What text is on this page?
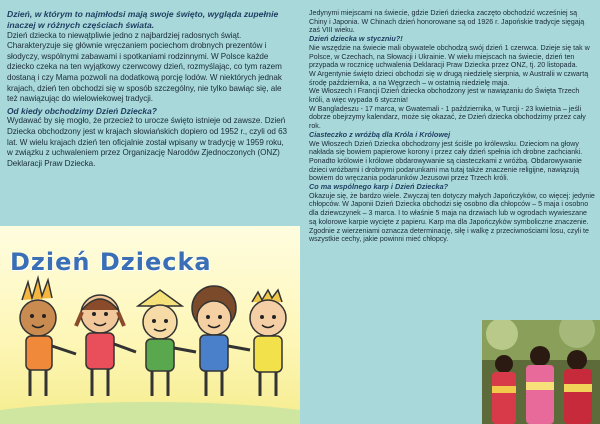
Dzień, w którym to najmłodsi mają swoje święto, wygląda zupełnie inaczej w różnych częściach świata.

Dzień dziecka to niewątpliwie jedno z najbardziej radosnych świąt. Charakteryzuje się głównie wręczaniem pociechom drobnych prezentów i słodyczy, wspólnymi zabawami i spotkaniami rodzinnymi. W Polsce każde dziecko czeka na ten wyjątkowy czerwcowy dzień, rozmyślając, co tym razem dostaną i czy Mama pozwoli na dodatkową porcję lodów. W niektórych jednak krajach, dzień ten obchodzi się w sposób szczególny, nie tylko bawiąc się, ale też nawiązując do wielowiekowej tradycji.

Od kiedy obchodzimy Dzień Dziecka?

Wydawać by się mogło, że przecież to urocze święto istnieje od zawsze. Dzień Dziecka obchodzony jest w krajach słowiańskich dopiero od 1952 r., czyli od 63 lat. W wielu krajach dzień ten oficjalnie został wpisany w tradycję w 1959 roku, w związku z uchwaleniem przez Organizację Narodów Zjednoczonych (ONZ) Deklaracji Praw Dziecka.

Dzień Dziecka

Jedynymi miejscami na świecie, gdzie Dzień dziecka zaczęto obchodzić wcześniej są Chiny i Japonia. W Chinach dzień honorowane są od 1926 r. Japońskie tradycje sięgają zaś VIII wieku.

Dzień dziecka w styczniu?!

Nie wszędzie na świecie mali obywatele obchodzą swój dzień 1 czerwca. Dzieje się tak w Polsce, w Czechach, na Słowacji i Ukrainie. W wielu miejscach na świecie, dzień ten przypada w rocznicę uchwalenia Deklaracji Praw Dziecka przez ONZ, tj. 20 listopada.

W Argentynie święto dzieci obchodzi się w drugą niedzielę sierpnia, w Australii w czwartą środę października, a na Węgrzech – w ostatnią niedzielę maja.

We Włoszech i Francji Dzień dziecka obchodzony jest w nawiązaniu do Święta Trzech króli, a więc wypada 6 stycznia!

W Bangladeszu - 17 marca, w Gwatemali - 1 października, w Turcji - 23 kwietnia – jeśli dobrze obejrzymy kalendarz, może się okazać, że Dzień dziecka obchodzimy przez cały rok.

Ciasteczko z wróżbą dla Króla i Królowej

We Włoszech Dzień Dziecka obchodzony jest ściśle po królewsku. Dzieciom na głowy nakłada się bowiem papierowe korony i przez cały dzień spełnia ich drobne zachcianki. Ponadto królowie i królowe obdarowywanie są ciasteczkami z wróżbą. Obdarowywanie dzieci wróżbami i drobnymi podarunkami ma tutaj także znaczenie religijne, nawiązują bowiem do wręczania podarunków Jezusowi przez Trzech króli.

Co ma wspólnego karp i Dzień Dziecka?

Okazuje się, że bardzo wiele. Zwyczaj ten dotyczy małych Japończyków, co więcej: jedynie chłopców. W Japonii Dzień Dziecka obchodzi się osobno dla chłopców – 5 maja i osobno dla dziewczynek – 3 marca. I to właśnie 5 maja na drzwiach lub w ogrodach wywieszane są kolorowe karpie wycięte z papieru. Karp ma dla Japończyków symboliczne znaczenie. Zgodnie z wierzeniami oznacza determinację, siłę i walkę z przeciwnościami losu, czyli te wszystkie cechy, jakie powinni mieć chłopcy.
